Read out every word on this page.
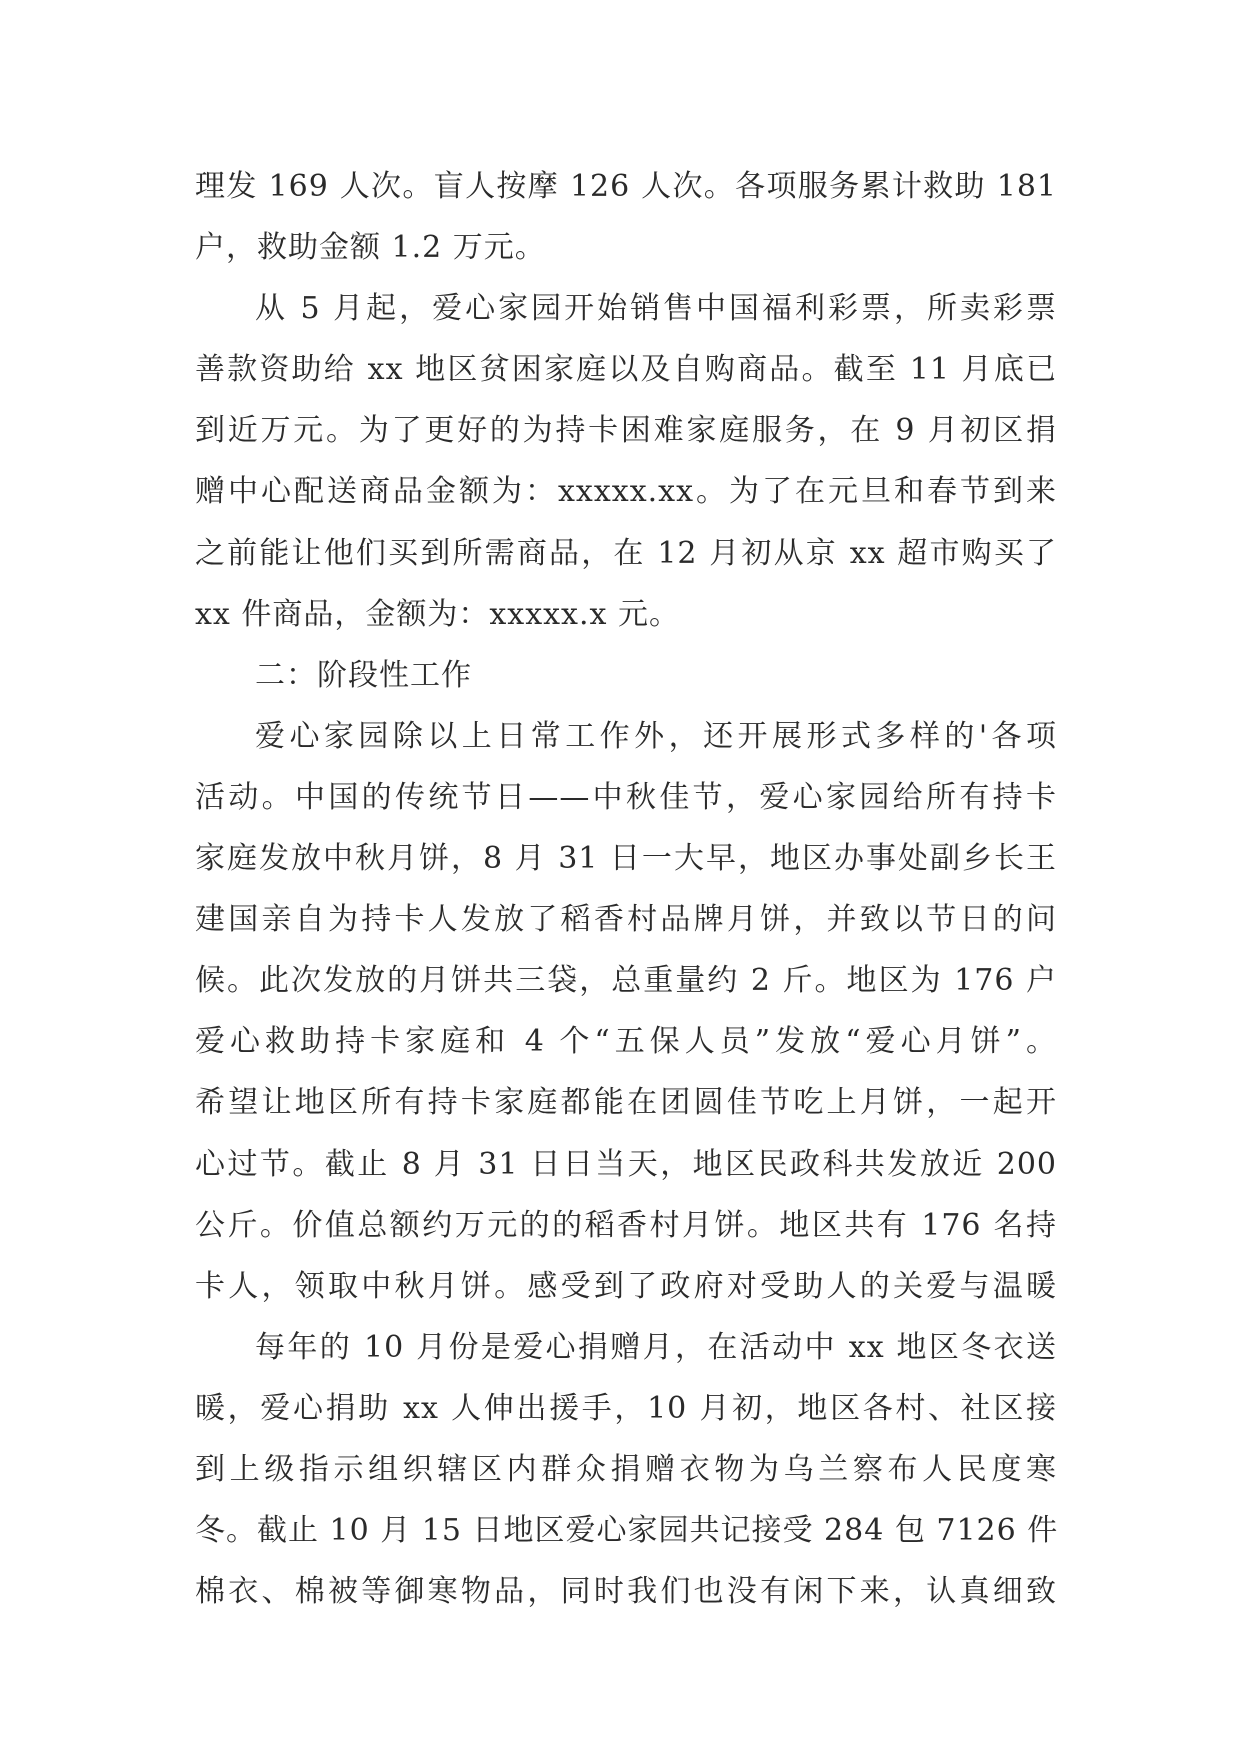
理发 169 人次。盲人按摩 126 人次。各项服务累计救助 181
户，救助金额 1.2 万元。
从 5 月起，爱心家园开始销售中国福利彩票，所卖彩票
善款资助给 xx 地区贫困家庭以及自购商品。截至 11 月底已
到近万元。为了更好的为持卡困难家庭服务，在 9 月初区捐
赠中心配送商品金额为：xxxxx.xx。为了在元旦和春节到来
之前能让他们买到所需商品，在 12 月初从京 xx 超市购买了
xx 件商品，金额为：xxxxx.x 元。
二：阶段性工作
爱心家园除以上日常工作外，还开展形式多样的'各项
活动。中国的传统节日——中秋佳节，爱心家园给所有持卡
家庭发放中秋月饼，8 月 31 日一大早，地区办事处副乡长王
建国亲自为持卡人发放了稻香村品牌月饼，并致以节日的问
候。此次发放的月饼共三袋，总重量约 2 斤。地区为 176 户
爱心救助持卡家庭和 4 个“五保人员”发放“爱心月饼”。
希望让地区所有持卡家庭都能在团圆佳节吃上月饼，一起开
心过节。截止 8 月 31 日日当天，地区民政科共发放近 200
公斤。价值总额约万元的的稻香村月饼。地区共有 176 名持
卡人，领取中秋月饼。感受到了政府对受助人的关爱与温暖
每年的 10 月份是爱心捐赠月，在活动中 xx 地区冬衣送
暖，爱心捐助 xx 人伸出援手，10 月初，地区各村、社区接
到上级指示组织辖区内群众捐赠衣物为乌兰察布人民度寒
冬。截止 10 月 15 日地区爱心家园共记接受 284 包 7126 件
棉衣、棉被等御寒物品，同时我们也没有闲下来，认真细致
